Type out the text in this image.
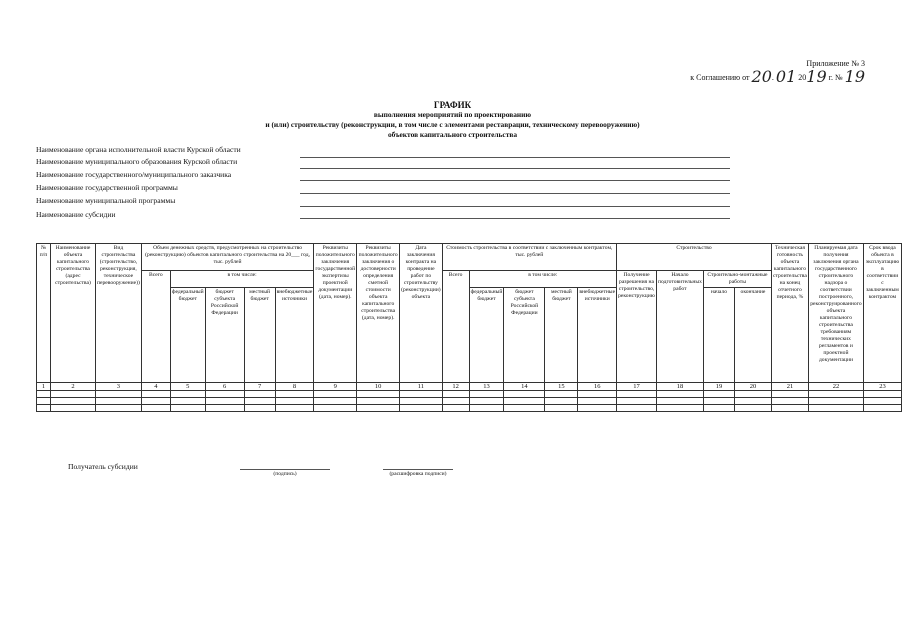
Приложение № 3
к Соглашению от 20. 01 2019 г. № 19
ГРАФИК
выполнения мероприятий по проектированию
и (или) строительству (реконструкции, в том числе с элементами реставрации, техническому перевооружению)
объектов капитального строительства
Наименование органа исполнительной власти Курской области
Наименование муниципального образования Курской области
Наименование государственного/муниципального заказчика
Наименование государственной программы
Наименование муниципальной программы
Наименование субсидии
№ п/п	Наименование объекта капитального строительства (адрес строительства)	Вид строительства (строительство, реконструкция, техническое перевооружение))	Объем денежных средств, предусмотренных на строительство (реконструкцию) объектов капитального строительства на 20___ год, тыс. рублей					Реквизиты положительного заключения государственной экспертизы проектной документации (дата, номер).	Реквизиты положительного заключения о достоверности определения сметной стоимости объекта капитального строительства (дата, номер).	Дата заключения контракта на проведение работ по строительству (реконструкции) объекта	Стоимость строительства в соответствии с заключенным контрактом, тыс. рублей					Строительство				Техническая готовность объекта капитального строительства на конец отчетного периода, %	Планируемая дата получения заключения органа государственного строительного надзора о соответствии построенного, реконструированного объекта капитального строительства требованиям технических регламентов и проектной документации	Срок ввода объекта в эксплуатацию в соответствии с заключенным контрактом
			Всего	в том числе:							Всего	в том числе:				Получение разрешения на строительство, реконструкцию	Начало подготовительных работ	Строительно-монтажные работы				
				федеральный бюджет	бюджет субъекта Российской Федерации	местный бюджет	внебюджетные источники					федеральный бюджет	бюджет субъекта Российской Федерации	местный бюджет	внебюджетные источники			начало	окончание			
1	2	3	4	5	6	7	8	9	10	11	12	13	14	15	16	17	18	19	20	21	22	23

Получатель субсидии
(подпись)	(расшифровка подписи)
